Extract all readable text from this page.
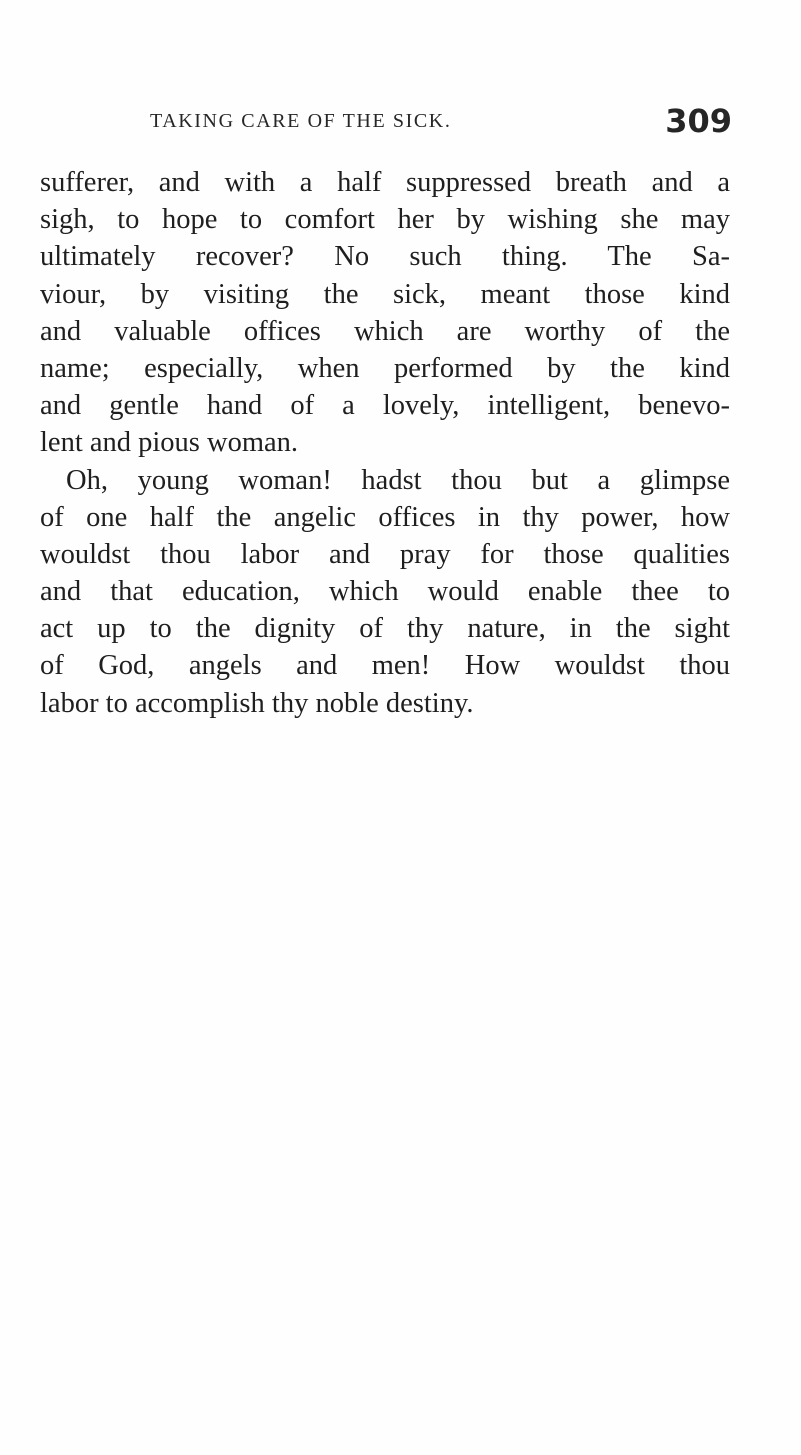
TAKING CARE OF THE SICK.	309
sufferer, and with a half suppressed breath and a
sigh, to hope to comfort her by wishing she may
ultimately recover? No such thing. The Sa-
viour, by visiting the sick, meant those kind
and valuable offices which are worthy of the
name; especially, when performed by the kind
and gentle hand of a lovely, intelligent, benevo-
lent and pious woman.
Oh, young woman! hadst thou but a glimpse
of one half the angelic offices in thy power, how
wouldst thou labor and pray for those qualities
and that education, which would enable thee to
act up to the dignity of thy nature, in the sight
of God, angels and men! How wouldst thou
labor to accomplish thy noble destiny.
